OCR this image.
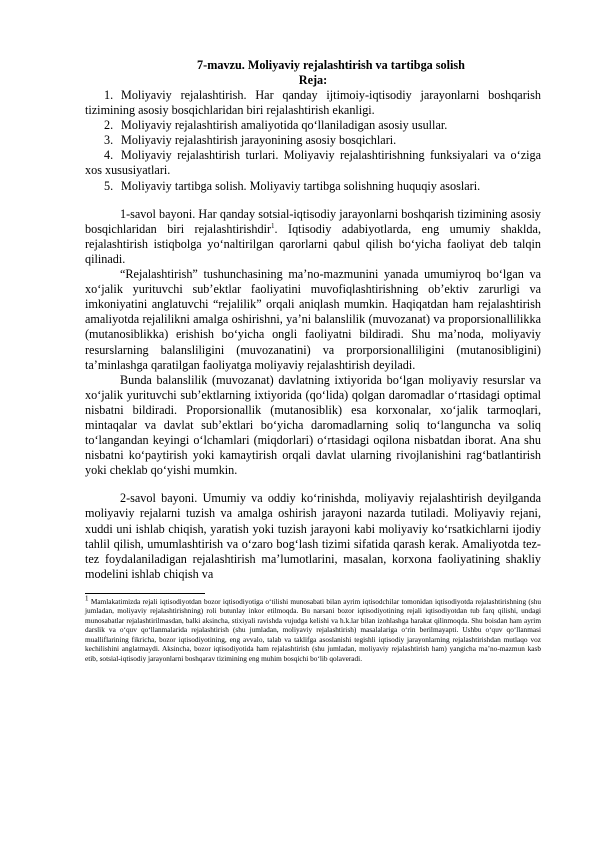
7-mavzu. Moliyaviy rejalashtirish va tartibga solish
Reja:
1. Moliyaviy rejalashtirish. Har qanday ijtimoiy-iqtisodiy jarayonlarni boshqarish tizimining asosiy bosqichlaridan biri rejalashtirish ekanligi.
2. Moliyaviy rejalashtirish amaliyotida qo‘llaniladigan asosiy usullar.
3. Moliyaviy rejalashtirish jarayonining asosiy bosqichlari.
4. Moliyaviy rejalashtirish turlari. Moliyaviy rejalashtirishning funksiyalari va o‘ziga xos xususiyatlari.
5. Moliyaviy tartibga solish. Moliyaviy tartibga solishning huquqiy asoslari.

1-savol bayoni. Har qanday sotsial-iqtisodiy jarayonlarni boshqarish tizimining asosiy bosqichlaridan biri rejalashtirishdir$^1$. Iqtisodiy adabiyotlarda, eng umumiy shaklda, rejalashtirish istiqbolga yo‘naltirilgan qarorlarni qabul qilish bo‘yicha faoliyat deb talqin qilinadi.

“Rejalashtirish” tushunchasining ma’no-mazmunini yanada umumiyroq bo‘lgan va xo‘jalik yurituvchi sub’ektlar faoliyatini muvofiqlashtirishning ob’ektiv zarurligi va imkoniyatini anglatuvchi “rejalilik” orqali aniqlash mumkin. Haqiqatdan ham rejalashtirish amaliyotda rejalilikni amalga oshirishni, ya’ni balanslilik (muvozanat) va proporsionallilikka (mutanosiblikka) erishish bo‘yicha ongli faoliyatni bildiradi. Shu ma’noda, moliyaviy resurslarning balansliligini (muvozanatini) va prorporsionalliligini (mutanosibligini) ta’minlashga qaratilgan faoliyatga moliyaviy rejalashtirish deyiladi.

Bunda balanslilik (muvozanat) davlatning ixtiyorida bo‘lgan moliyaviy resurslar va xo‘jalik yurituvchi sub’ektlarning ixtiyorida (qo‘lida) qolgan daromadlar o‘rtasidagi optimal nisbatni bildiradi. Proporsionallik (mutanosiblik) esa korxonalar, xo‘jalik tarmoqlari, mintaqalar va davlat sub’ektlari bo‘yicha daromadlarning soliq to‘languncha va soliq to‘langandan keyingi o‘lchamlari (miqdorlari) o‘rtasidagi oqilona nisbatdan iborat. Ana shu nisbatni ko‘paytirish yoki kamaytirish orqali davlat ularning rivojlanishini rag‘batlantirish yoki cheklab qo‘yishi mumkin.

2-savol bayoni. Umumiy va oddiy ko‘rinishda, moliyaviy rejalashtirish deyilganda moliyaviy rejalarni tuzish va amalga oshirish jarayoni nazarda tutiladi. Moliyaviy rejani, xuddi uni ishlab chiqish, yaratish yoki tuzish jarayoni kabi moliyaviy ko‘rsatkichlarni ijodiy tahlil qilish, umumlashtirish va o‘zaro bog‘lash tizimi sifatida qarash kerak. Amaliyotda tez-tez foydalaniladigan rejalashtirish ma’lumotlarini, masalan, korxona faoliyatining shakliy modelini ishlab chiqish va

$^1$ Mamlakatimizda rejali iqtisodiyotdan bozor iqtisodiyotiga o‘tilishi munosabati bilan ayrim iqtisodchilar tomonidan iqtisodiyotda rejalashtirishning (shu jumladan, moliyaviy rejalashtirishning) roli butunlay inkor etilmoqda. Bu narsani bozor iqtisodiyotining rejali iqtisodiyotdan tub farq qilishi, undagi munosabatlar rejalashtirilmasdan, balki aksincha, stixiyali ravishda vujudga kelishi va h.k.lar bilan izohlashga harakat qilinmoqda. Shu boisdan ham ayrim darslik va o‘quv qo‘llanmalarida rejalashtirish (shu jumladan, moliyaviy rejalashtirish) masalalariga o‘rin berilmayapti. Ushbu o‘quv qo‘llanmasi mualliflarining fikricha, bozor iqtisodiyotining, eng avvalo, talab va taklifga asoslanishi tegishli iqtisodiy jarayonlarning rejalashtirishdan mutlaqo voz kechilishini anglatmaydi. Aksincha, bozor iqtisodiyotida ham rejalashtirish (shu jumladan, moliyaviy rejalashtirish ham) yangicha ma’no-mazmun kasb etib, sotsial-iqtisodiy jarayonlarni boshqarav tizimining eng muhim bosqichi bo‘lib qolaveradi.
